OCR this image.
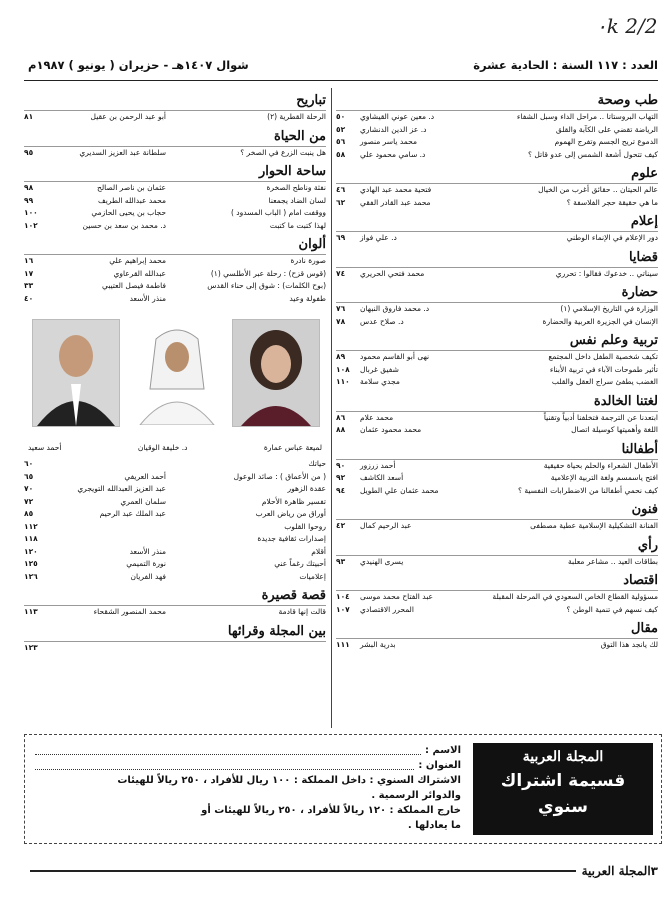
2/2 ۰k
العدد : ١١٧ السنة : الحادية عشرة
شوال ١٤٠٧هـ - حزيران ( يونيو ) ١٩٨٧م
طب وصحة
التهاب البروستاتا .. مراحل الداء وسبل الشفاء
د. معين عوني القيشاوي
٥٠
الرياضة تقضي على الكآبة والقلق
د. عز الدين الدنشاري
٥٢
الدموع تريح الجسم وتفرج الهموم
محمد ياسر منصور
٥٦
كيف تتحول أشعة الشمس إلى عدو قاتل ؟
د. سامي محمود علي
٥٨
علوم
عالم الحيتان .. حقائق أغرب من الخيال
فتحية محمد عبد الهادي
٤٦
ما هي حقيقة حجر الفلاسفة ؟
محمد عبد القادر الفقي
٦٢
إعلام
دور الإعلام في الإنماء الوطني
د. علي فواز
٦٩
قضايا
سيناتي .. خدعوك فقالوا : تحرري
محمد فتحي الحريري
٧٤
حضارة
الوزارة في التاريخ الإسلامي (١)
د. محمد فاروق النبهان
٧٦
الإنسان في الجزيرة العربية والحضارة
د. صلاح عدس
٧٨
تربية وعلم نفس
تكيف شخصية الطفل داخل المجتمع
نهى أبو القاسم محمود
٨٩
تأثير طموحات الآباء في تربية الأبناء
شفيق غربال
١٠٨
الغضب يطفئ سراج العقل والقلب
مجدي سلامة
١١٠
لغتنا الخالدة
ابتعدنا عن الترجمة فتخلفنا أدبياً وتقنياً
محمد علام
٨٦
اللغة وأهميتها كوسيلة اتصال
محمد محمود عثمان
٨٨
أطفالنا
الأطفال الشعراء والحلم بحياة حقيقية
أحمد زرزور
٩٠
افتح ياسمسم ولغة التربية الإعلامية
أسعد الكاشف
٩٢
كيف نحمي أطفالنا من الاضطرابات النفسية ؟
محمد عثمان علي الطويل
٩٤
فنون
الفنانة التشكيلية الإسلامية عطية مصطفى
عبد الرحيم كمال
٤٢
رأي
بطاقات العيد .. مشاعر معلبة
يسرى الهنيدي
٩٣
اقتصاد
مسؤولية القطاع الخاص السعودي في المرحلة المقبلة
عبد الفتاح محمد موسى
١٠٤
كيف نسهم في تنمية الوطن ؟
المحرر الاقتصادي
١٠٧
مقال
لك يانجد هذا التوق
بدرية البشر
١١١
تباريح
الرحلة القطرية (٢)
أبو عبد الرحمن بن عقيل
٨١
من الحياة
هل ينبت الزرع في الصخر ؟
سلطانة عبد العزيز السديري
٩٥
ساحة الحوار
نفثة وناطح الصخرة
عثمان بن ناصر الصالح
٩٨
لسان الضاد يجمعنا
محمد عبدالله الطريف
٩٩
ووقفت امام ( الباب المسدود )
حجاب بن يحيى الحازمي
١٠٠
لهذا كتبت ما كتبت
د. محمد بن سعد بن حسين
١٠٢
ألوان
صورة نادرة
محمد إبراهيم علي
١٦
(قوس قزح) : رحلة عبر الأطلسي (١)
عبدالله القرعاوي
١٧
(بوح الكلمات) : شوق إلى حناء القدس
فاطمة فيصل العتيبي
٣٣
طفولة وعيد
منذر الأسعد
٤٠
لميعة عباس عمارة
د. خليفة الوقيان
أحمد سعيد
حياتك
٦٠
( من الأعماق ) : صائد الوعول
أحمد العريفي
٦٥
عقدة الزهور
عبد العزيز العبدالله التويجري
٧٠
تفسير ظاهرة الأحلام
سلمان العمري
٧٢
أوراق من رياض العرب
عبد الملك عبد الرحيم
٨٥
روحوا القلوب
١١٢
إصدارات ثقافية جديدة
١١٨
أقلام
منذر الأسعد
١٢٠
أحبيتك رغماً عني
نورة التميمي
١٢٥
إعلاميات
فهد الفريان
١٢٦
قصة قصيرة
قالت إنها قادمة
محمد المنصور الشقحاء
١١٣
بين المجلة وقرائها
١٢٣
المجلة العربية
قسيمة اشتراك
سنوي
الاسم :
العنوان :

الاشتراك السنوي : داخل المملكة : ١٠٠ ريال للأفراد ، ٢٥٠ ريالاً للهيئات

والدوائر الرسمية .

خارج المملكة : ١٢٠ ريالاً للأفراد ، ٢٥٠ ريالاً للهيئات أو

ما يعادلها .

٣
المجلة العربية
